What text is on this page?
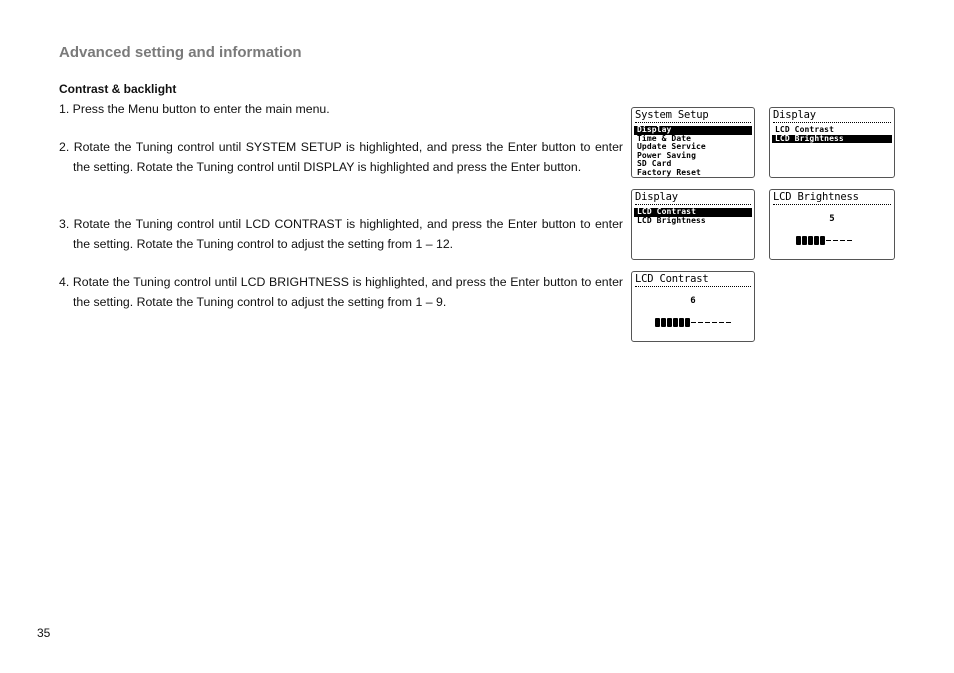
Advanced setting and information
Contrast & backlight

1. Press the Menu button to enter the main menu.

2. Rotate the Tuning control until SYSTEM SETUP is highlighted, and press the Enter button to enter the setting. Rotate the Tuning control until DISPLAY is highlighted and press the Enter button.

3. Rotate the Tuning control until LCD CONTRAST is highlighted, and press the Enter button to enter the setting. Rotate the Tuning control to adjust the setting from 1 – 12.

4. Rotate the Tuning control until LCD BRIGHTNESS is highlighted, and press the Enter button to enter the setting. Rotate the Tuning control to adjust the setting from 1 – 9.

System Setup
Display
Time & Date
Update Service
Power Saving
SD Card
Factory Reset
Display
LCD Contrast
LCD Brightness
Display
LCD Contrast
LCD Brightness
LCD Brightness
5
LCD Contrast
6
35
